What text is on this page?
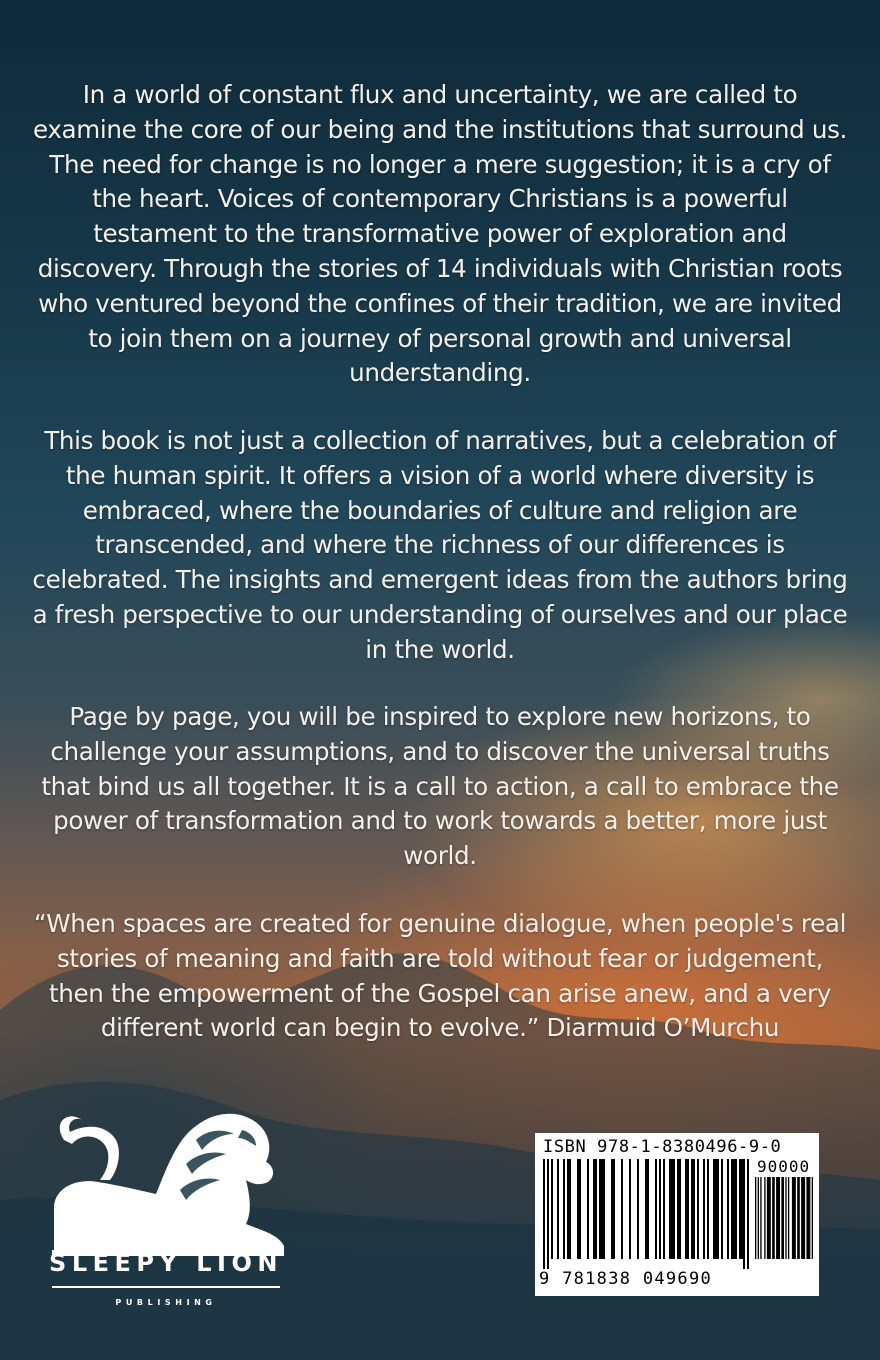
In a world of constant flux and uncertainty, we are called to examine the core of our being and the institutions that surround us. The need for change is no longer a mere suggestion; it is a cry of the heart. Voices of contemporary Christians is a powerful testament to the transformative power of exploration and discovery. Through the stories of 14 individuals with Christian roots who ventured beyond the confines of their tradition, we are invited to join them on a journey of personal growth and universal understanding.

This book is not just a collection of narratives, but a celebration of the human spirit. It offers a vision of a world where diversity is embraced, where the boundaries of culture and religion are transcended, and where the richness of our differences is celebrated. The insights and emergent ideas from the authors bring a fresh perspective to our understanding of ourselves and our place in the world.

Page by page, you will be inspired to explore new horizons, to challenge your assumptions, and to discover the universal truths that bind us all together. It is a call to action, a call to embrace the power of transformation and to work towards a better, more just world.

“When spaces are created for genuine dialogue, when people's real stories of meaning and faith are told without fear or judgement, then the empowerment of the Gospel can arise anew, and a very different world can begin to evolve.” Diarmuid O’Murchu

SLEEPY LION

PUBLISHING

ISBN 978-1-8380496-9-0

90000

9 781838 049690
